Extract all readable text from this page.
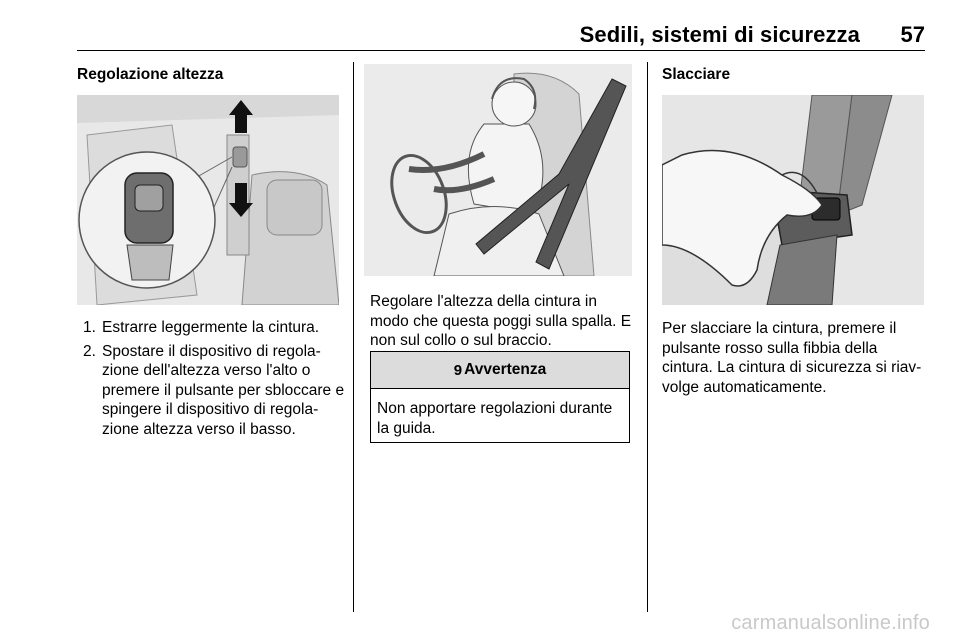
Sedili, sistemi di sicurezza	57
Regolazione altezza
1. Estrarre leggermente la cintura.
2. Spostare il dispositivo di regola-zione dell'altezza verso l'alto o premere il pulsante per sbloccare e spingere il dispositivo di regola-zione altezza verso il basso.

Regolare l'altezza della cintura in modo che questa poggi sulla spalla. E non sul collo o sul braccio.

9 Avvertenza

Non apportare regolazioni durante la guida.

Slacciare

Per slacciare la cintura, premere il pulsante rosso sulla fibbia della cintura. La cintura di sicurezza si riav-volge automaticamente.

carmanualsonline.info
